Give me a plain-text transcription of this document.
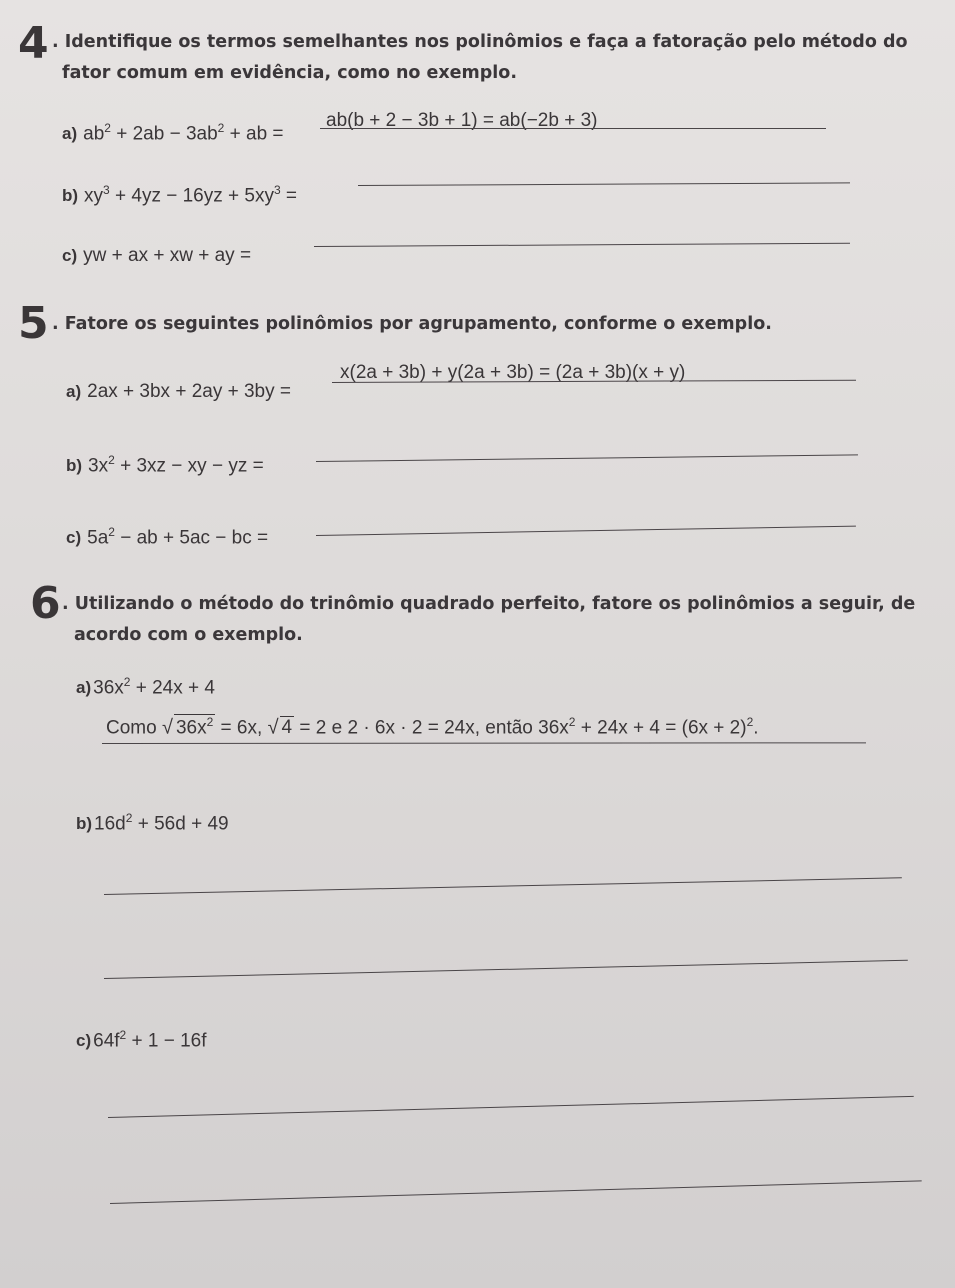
4 . Identifique os termos semelhantes nos polinômios e faça a fatoração pelo método do
fator comum em evidência, como no exemplo.
a) $ab^2 + 2ab - 3ab^2$ + ab =
ab(b + 2 − 3b + 1) = ab(−2b + 3)
b) $xy^3 + 4yz - 16yz + 5xy^3$ =
c) yw + ax + xw + ay =
5 . Fatore os seguintes polinômios por agrupamento, conforme o exemplo.
a) 2ax + 3bx + 2ay + 3by =
x(2a + 3b) + y(2a + 3b) = (2a + 3b)(x + y)
b) $3x^2 + 3xz$ − xy − yz =
c) $5a^2$ − ab + 5ac − bc =
6 . Utilizando o método do trinômio quadrado perfeito, fatore os polinômios a seguir, de
acordo com o exemplo.
a) $36x^2 + 24x + 4$
Como √ $36x^2 = 6x$, √ 4 = 2 e 2 · 6x · 2 = 24x, então $36x^2 + 24x + 4 = (6x + 2)^2$.
b) $16d^2 + 56d + 49$
c) $64f^2 + 1 - 16f$
